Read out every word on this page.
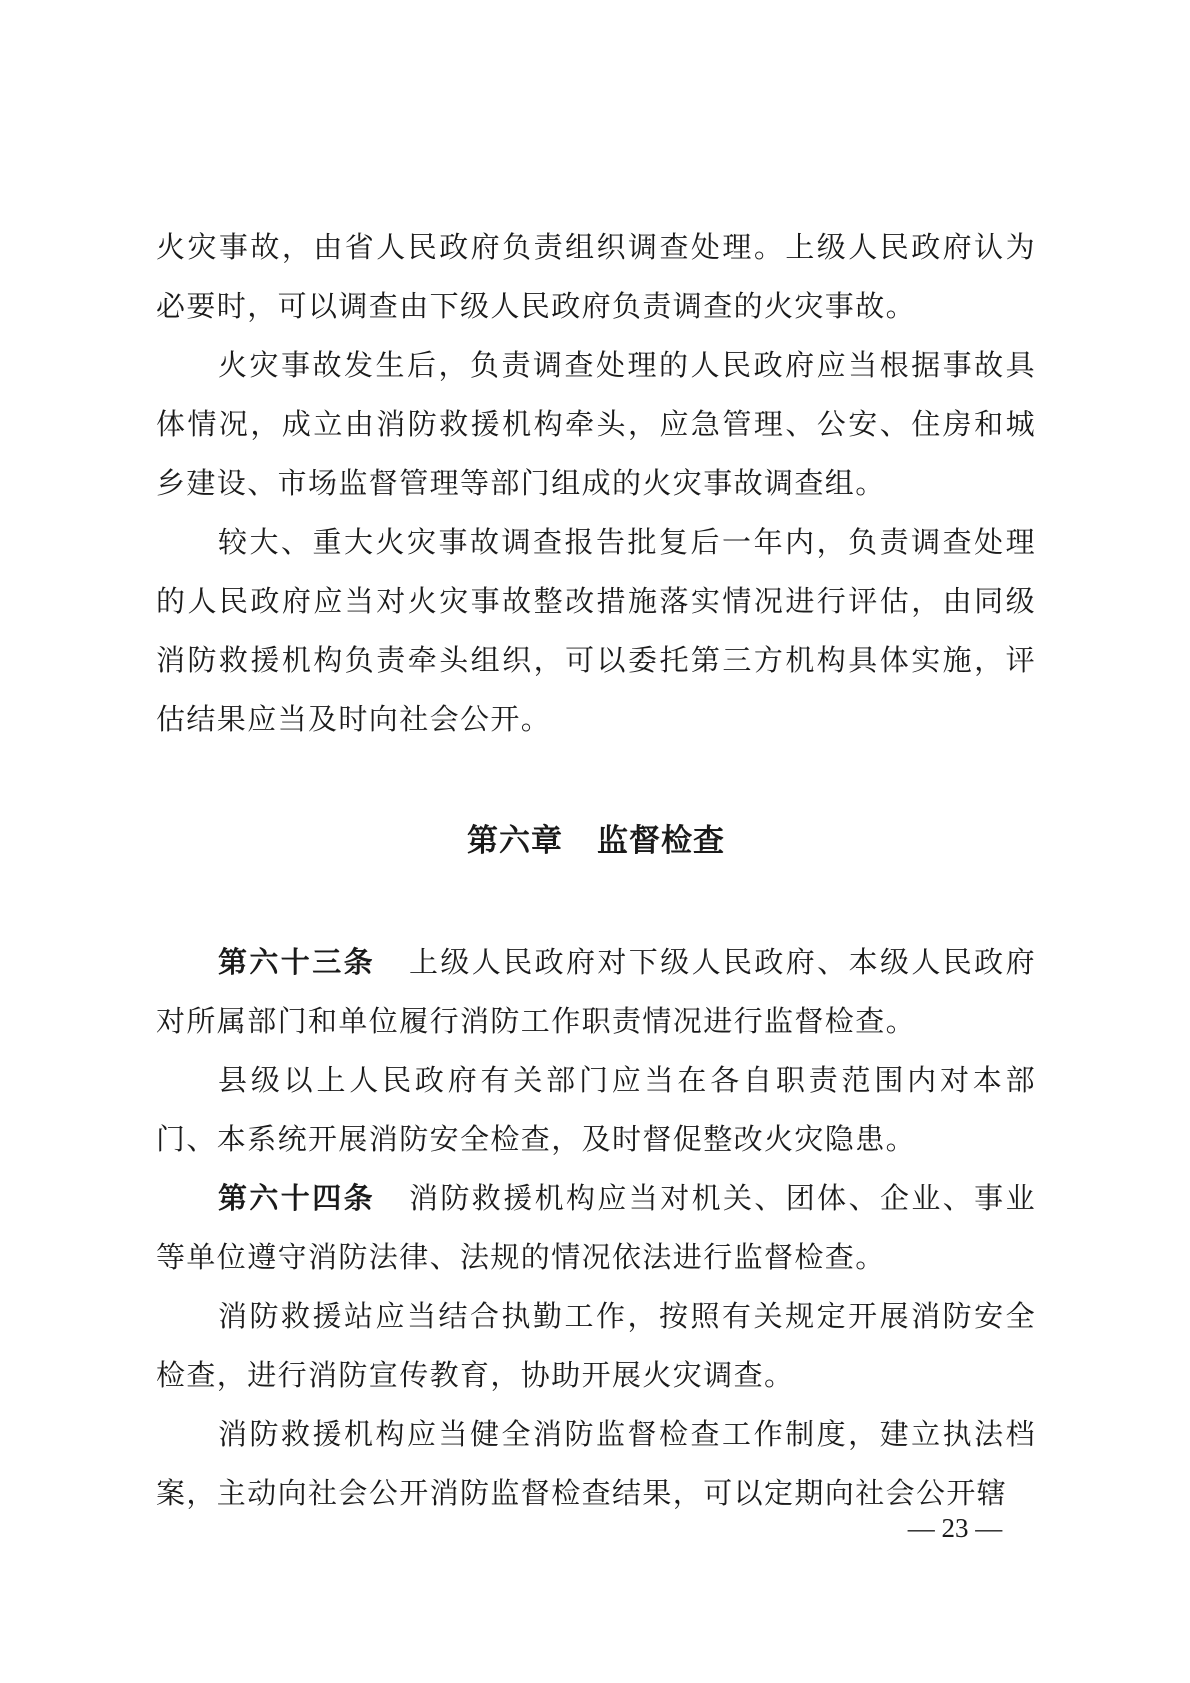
火灾事故，由省人民政府负责组织调查处理。上级人民政府认为必要时，可以调查由下级人民政府负责调查的火灾事故。

火灾事故发生后，负责调查处理的人民政府应当根据事故具体情况，成立由消防救援机构牵头，应急管理、公安、住房和城乡建设、市场监督管理等部门组成的火灾事故调查组。

较大、重大火灾事故调查报告批复后一年内，负责调查处理的人民政府应当对火灾事故整改措施落实情况进行评估，由同级消防救援机构负责牵头组织，可以委托第三方机构具体实施，评估结果应当及时向社会公开。

第六章 监督检查

第六十三条 上级人民政府对下级人民政府、本级人民政府对所属部门和单位履行消防工作职责情况进行监督检查。

县级以上人民政府有关部门应当在各自职责范围内对本部门、本系统开展消防安全检查，及时督促整改火灾隐患。

第六十四条 消防救援机构应当对机关、团体、企业、事业等单位遵守消防法律、法规的情况依法进行监督检查。

消防救援站应当结合执勤工作，按照有关规定开展消防安全检查，进行消防宣传教育，协助开展火灾调查。

消防救援机构应当健全消防监督检查工作制度，建立执法档案，主动向社会公开消防监督检查结果，可以定期向社会公开辖

— 23 —
